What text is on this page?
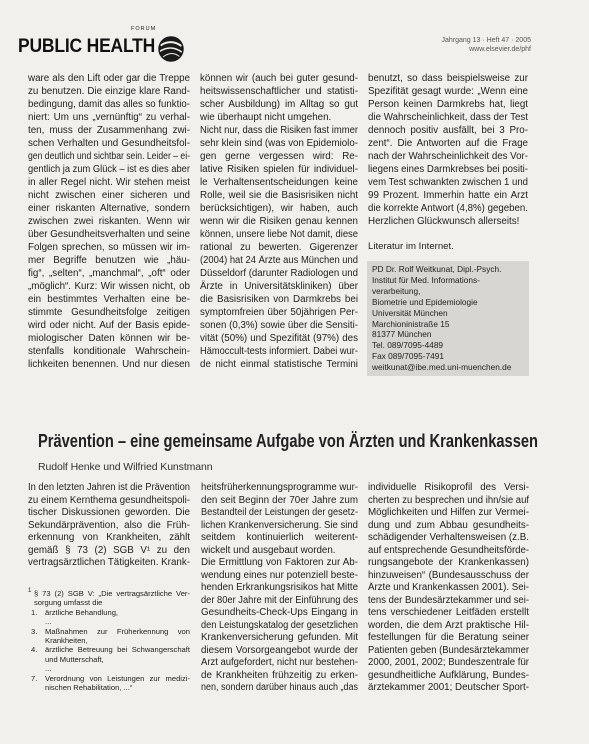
FORUM
PUBLIC HEALTH	Jahrgang 13 · Heft 47 · 2005
www.elsevier.de/phf
ware als den Lift oder gar die Treppe
zu benutzen. Die einzige klare Rand-
bedingung, damit das alles so funktio-
niert: Um uns „vernünftig“ zu verhal-
ten, muss der Zusammenhang zwi-
schen Verhalten und Gesundheitsfol-
gen deutlich und sichtbar sein. Leider – ei-
gentlich ja zum Glück – ist es dies aber
in aller Regel nicht. Wir stehen meist
nicht zwischen einer sicheren und
einer riskanten Alternative, sondern
zwischen zwei riskanten. Wenn wir
über Gesundheitsverhalten und seine
Folgen sprechen, so müssen wir im-
mer Begriffe benutzen wie „häu-
fig“, „selten“, „manchmal“, „oft“ oder
„möglich“. Kurz: Wir wissen nicht, ob
ein bestimmtes Verhalten eine be-
stimmte Gesundheitsfolge zeitigen
wird oder nicht. Auf der Basis epide-
miologischer Daten können wir be-
stenfalls konditionale Wahrschein-
lichkeiten benennen. Und nur diesen
können wir (auch bei guter gesund-
heitswissenschaftlicher und statisti-
scher Ausbildung) im Alltag so gut
wie überhaupt nicht umgehen.
Nicht nur, dass die Risiken fast immer
sehr klein sind (was von Epidemiolo-
gen gerne vergessen wird: Re-
lative Risiken spielen für individuel-
le Verhaltensentscheidungen keine
Rolle, weil sie die Basisrisiken nicht
berücksichtigen), wir haben, auch
wenn wir die Risiken genau kennen
können, unsere liebe Not damit, diese
rational zu bewerten. Gigerenzer
(2004) hat 24 Ärzte aus München und
Düsseldorf (darunter Radiologen und
Ärzte in Universitätskliniken) über
die Basisrisiken von Darmkrebs bei
symptomfreien über 50jährigen Per-
sonen (0,3%) sowie über die Sensiti-
vität (50%) und Spezifität (97%) des
Hämoccult-tests informiert. Dabei wur-
de nicht einmal statistische Termini
benutzt, so dass beispielsweise zur
Spezifität gesagt wurde: „Wenn eine
Person keinen Darmkrebs hat, liegt
die Wahrscheinlichkeit, dass der Test
dennoch positiv ausfällt, bei 3 Pro-
zent“. Die Antworten auf die Frage
nach der Wahrscheinlichkeit des Vor-
liegens eines Darmkrebses bei positi-
vem Test schwankten zwischen 1 und
99 Prozent. Immerhin hatte ein Arzt
die korrekte Antwort (4,8%) gegeben.
Herzlichen Glückwunsch allerseits!
Literatur im Internet.
PD Dr. Rolf Weitkunat, Dipl.-Psych.
Institut für Med. Informations-
verarbeitung,
Biometrie und Epidemiologie
Universität München
Marchioninistraße 15
81377 München
Tel. 089/7095-4489
Fax 089/7095-7491
weitkunat@ibe.med.uni-muenchen.de
Prävention – eine gemeinsame Aufgabe von Ärzten und Krankenkassen
Rudolf Henke und Wilfried Kunstmann
In den letzten Jahren ist die Prävention
zu einem Kernthema gesundheitspoli-
tischer Diskussionen geworden. Die
Sekundärprävention, also die Früh-
erkennung von Krankheiten, zählt
gemäß § 73 (2) SGB V¹ zu den
vertragsärztlichen Tätigkeiten. Krank-
heitsfrüherkennungsprogramme wur-
den seit Beginn der 70er Jahre zum
Bestandteil der Leistungen der gesetz-
lichen Krankenversicherung. Sie sind
seitdem kontinuierlich weiterent-
wickelt und ausgebaut worden.
Die Ermittlung von Faktoren zur Ab-
wendung eines nur potenziell beste-
henden Erkrankungsrisikos hat Mitte
der 80er Jahre mit der Einführung des
Gesundheits-Check-Ups Eingang in
den Leistungskatalog der gesetzlichen
Krankenversicherung gefunden. Mit
diesem Vorsorgeangebot wurde der
Arzt aufgefordert, nicht nur bestehen-
de Krankheiten frühzeitig zu erken-
nen, sondern darüber hinaus auch „das
individuelle Risikoprofil des Versi-
cherten zu besprechen und ihn/sie auf
Möglichkeiten und Hilfen zur Vermei-
dung und zum Abbau gesundheits-
schädigender Verhaltensweisen (z.B.
auf entsprechende Gesundheitsförde-
rungsangebote der Krankenkassen)
hinzuweisen“ (Bundesausschuss der
Ärzte und Krankenkassen 2001). Sei-
tens der Bundesärztekammer und sei-
tens verschiedener Leitfäden erstellt
worden, die dem Arzt praktische Hil-
festellungen für die Beratung seiner
Patienten geben (Bundesärztekammer
2000, 2001, 2002; Bundeszentrale für
gesundheitliche Aufklärung, Bundes-
ärztekammer 2001; Deutscher Sport-
1 § 73 (2) SGB V: „Die vertragsärztliche Ver-
sorgung umfasst die
1. ärztliche Behandlung,
...
3. Maßnahmen zur Früherkennung von
Krankheiten,
4. ärztliche Betreuung bei Schwangerschaft
und Mutterschaft,
...
7. Verordnung von Leistungen zur medizi-
nischen Rehabilitation, ...“
